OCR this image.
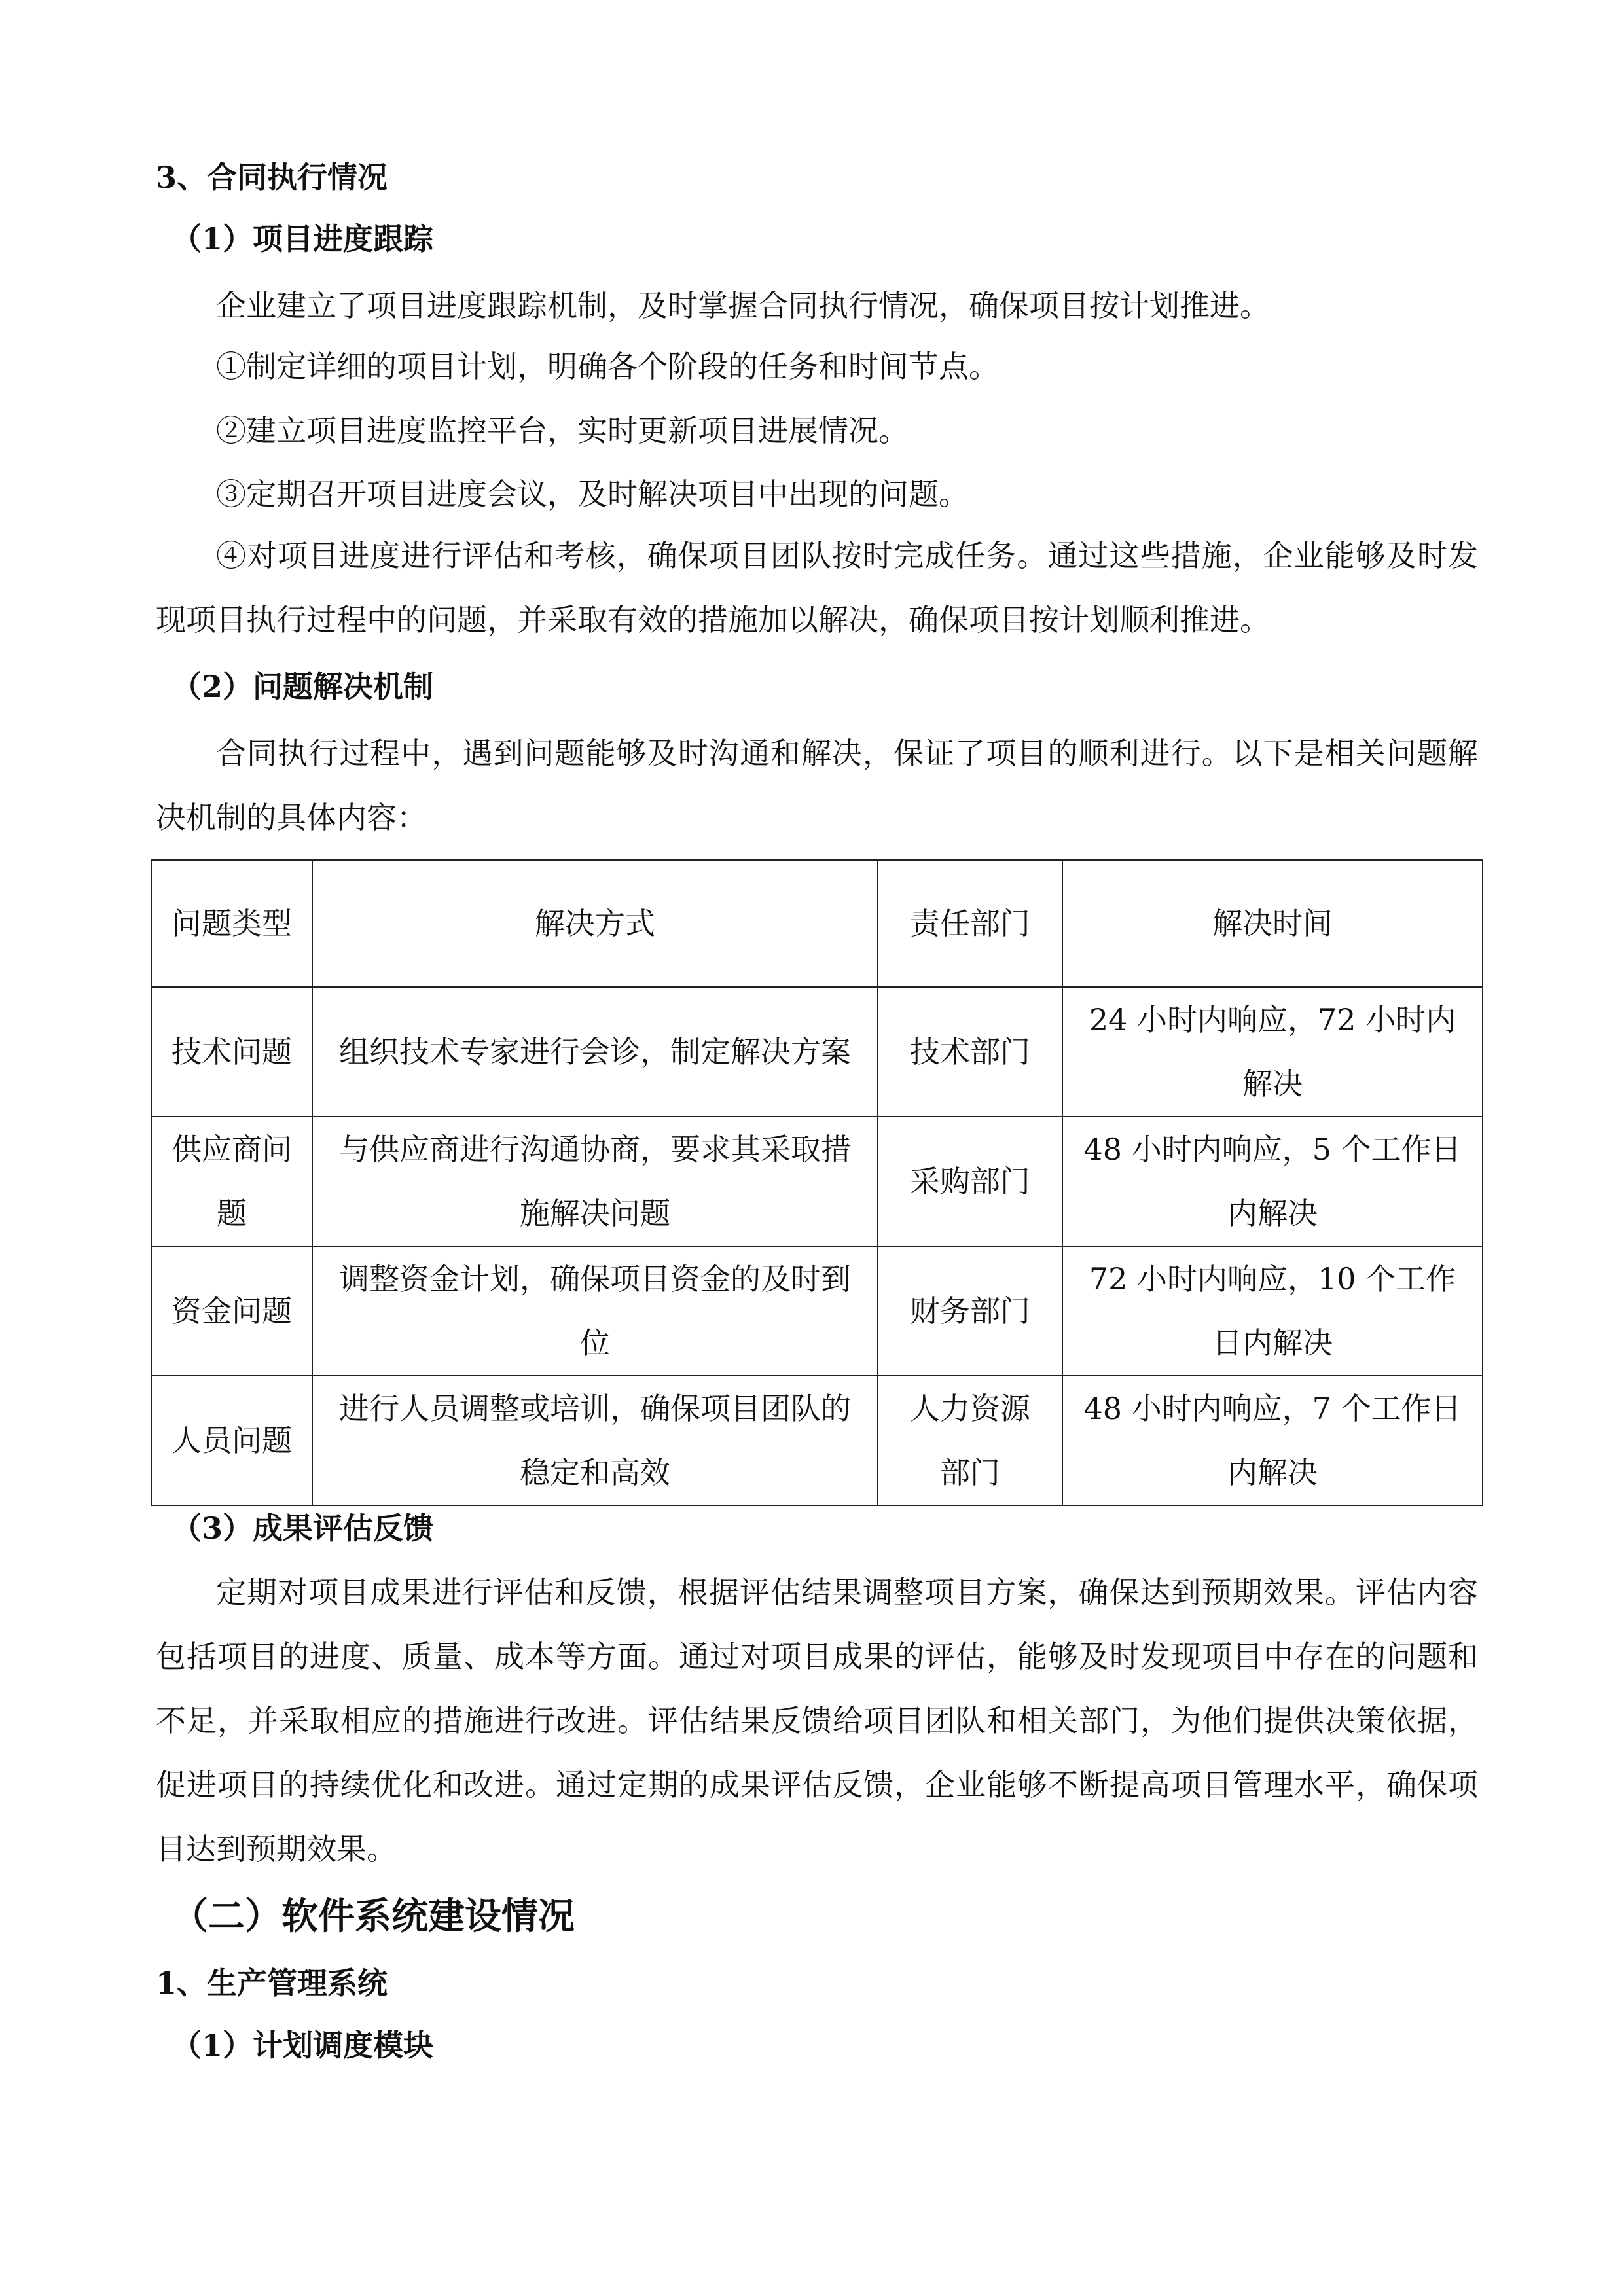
3、合同执行情况
（1）项目进度跟踪

企业建立了项目进度跟踪机制，及时掌握合同执行情况，确保项目按计划推进。

①制定详细的项目计划，明确各个阶段的任务和时间节点。

②建立项目进度监控平台，实时更新项目进展情况。

③定期召开项目进度会议，及时解决项目中出现的问题。

④对项目进度进行评估和考核，确保项目团队按时完成任务。通过这些措施，企业能够及时发现项目执行过程中的问题，并采取有效的措施加以解决，确保项目按计划顺利推进。

（2）问题解决机制

合同执行过程中，遇到问题能够及时沟通和解决，保证了项目的顺利进行。以下是相关问题解决机制的具体内容：

问题类型	解决方式	责任部门	解决时间
技术问题	组织技术专家进行会诊，制定解决方案	技术部门	24 小时内响应，72 小时内解决
供应商问题	与供应商进行沟通协商，要求其采取措施解决问题	采购部门	48 小时内响应，5 个工作日内解决
资金问题	调整资金计划，确保项目资金的及时到位	财务部门	72 小时内响应，10 个工作日内解决
人员问题	进行人员调整或培训，确保项目团队的稳定和高效	人力资源部门	48 小时内响应，7 个工作日内解决
（3）成果评估反馈

定期对项目成果进行评估和反馈，根据评估结果调整项目方案，确保达到预期效果。评估内容包括项目的进度、质量、成本等方面。通过对项目成果的评估，能够及时发现项目中存在的问题和不足，并采取相应的措施进行改进。评估结果反馈给项目团队和相关部门，为他们提供决策依据，促进项目的持续优化和改进。通过定期的成果评估反馈，企业能够不断提高项目管理水平，确保项目达到预期效果。

（二）软件系统建设情况
1、生产管理系统
（1）计划调度模块
